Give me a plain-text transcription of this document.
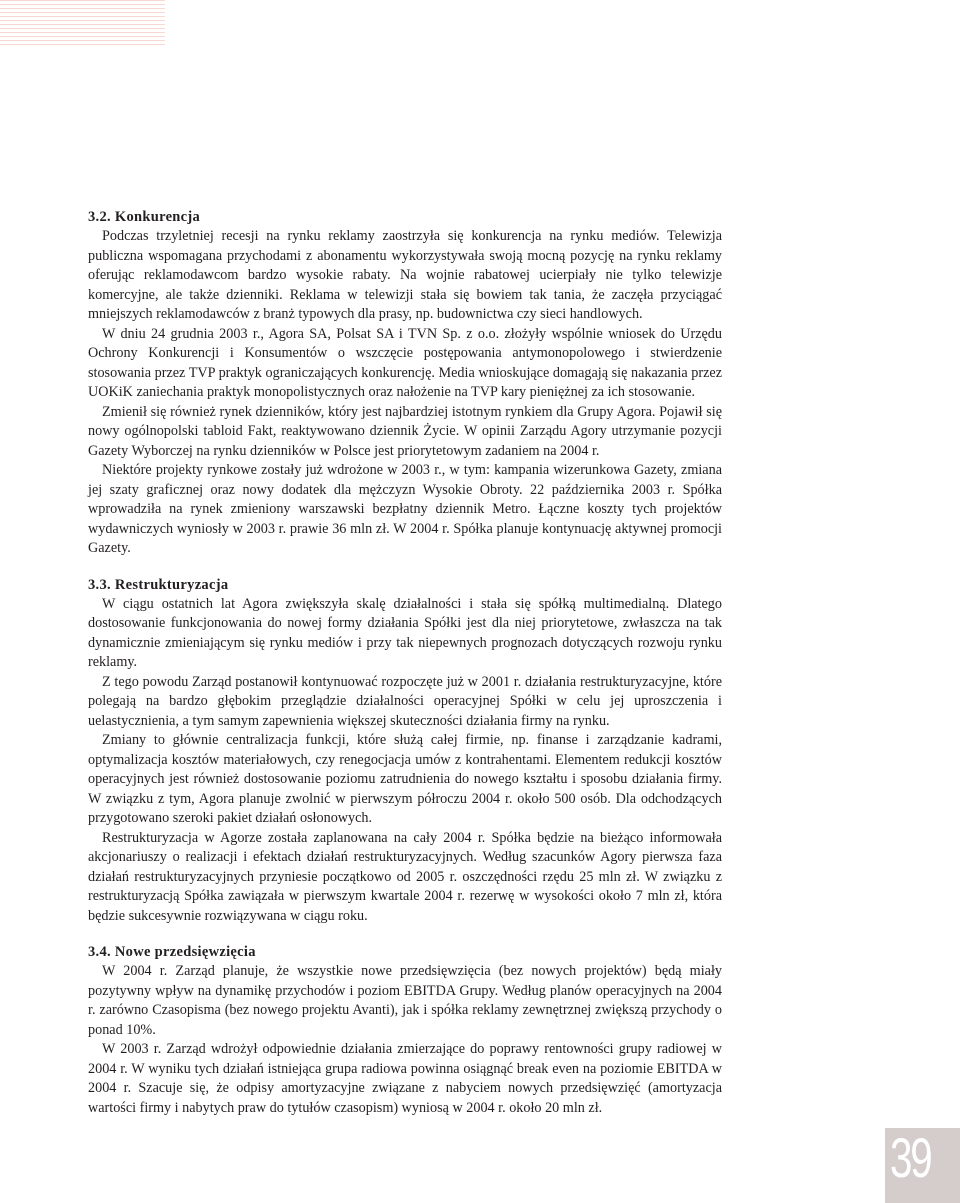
3.2. Konkurencja

Podczas trzyletniej recesji na rynku reklamy zaostrzyła się konkurencja na rynku mediów. Telewizja publiczna wspomagana przychodami z abonamentu wykorzystywała swoją mocną pozycję na rynku reklamy oferując reklamodawcom bardzo wysokie rabaty. Na wojnie rabatowej ucierpiały nie tylko telewizje komercyjne, ale także dzienniki. Reklama w telewizji stała się bowiem tak tania, że zaczęła przyciągać mniejszych reklamodawców z branż typowych dla prasy, np. budownictwa czy sieci handlowych.

W dniu 24 grudnia 2003 r., Agora SA, Polsat SA i TVN Sp. z o.o. złożyły wspólnie wniosek do Urzędu Ochrony Konkurencji i Konsumentów o wszczęcie postępowania antymonopolowego i stwierdzenie stosowania przez TVP praktyk ograniczających konkurencję. Media wnioskujące domagają się nakazania przez UOKiK zaniechania praktyk monopolistycznych oraz nałożenie na TVP kary pieniężnej za ich stosowanie.

Zmienił się również rynek dzienników, który jest najbardziej istotnym rynkiem dla Grupy Agora. Pojawił się nowy ogólnopolski tabloid Fakt, reaktywowano dziennik Życie. W opinii Zarządu Agory utrzymanie pozycji Gazety Wyborczej na rynku dzienników w Polsce jest priorytetowym zadaniem na 2004 r.

Niektóre projekty rynkowe zostały już wdrożone w 2003 r., w tym: kampania wizerunkowa Gazety, zmiana jej szaty graficznej oraz nowy dodatek dla mężczyzn Wysokie Obroty. 22 października 2003 r. Spółka wprowadziła na rynek zmieniony warszawski bezpłatny dziennik Metro. Łączne koszty tych projektów wydawniczych wyniosły w 2003 r. prawie 36 mln zł. W 2004 r. Spółka planuje kontynuację aktywnej promocji Gazety.

3.3. Restrukturyzacja

W ciągu ostatnich lat Agora zwiększyła skalę działalności i stała się spółką multimedialną. Dlatego dostosowanie funkcjonowania do nowej formy działania Spółki jest dla niej priorytetowe, zwłaszcza na tak dynamicznie zmieniającym się rynku mediów i przy tak niepewnych prognozach dotyczących rozwoju rynku reklamy.

Z tego powodu Zarząd postanowił kontynuować rozpoczęte już w 2001 r. działania restrukturyzacyjne, które polegają na bardzo głębokim przeglądzie działalności operacyjnej Spółki w celu jej uproszczenia i uelastycznienia, a tym samym zapewnienia większej skuteczności działania firmy na rynku.

Zmiany to głównie centralizacja funkcji, które służą całej firmie, np. finanse i zarządzanie kadrami, optymalizacja kosztów materiałowych, czy renegocjacja umów z kontrahentami. Elementem redukcji kosztów operacyjnych jest również dostosowanie poziomu zatrudnienia do nowego kształtu i sposobu działania firmy. W związku z tym, Agora planuje zwolnić w pierwszym półroczu 2004 r. około 500 osób. Dla odchodzących przygotowano szeroki pakiet działań osłonowych.

Restrukturyzacja w Agorze została zaplanowana na cały 2004 r. Spółka będzie na bieżąco informowała akcjonariuszy o realizacji i efektach działań restrukturyzacyjnych. Według szacunków Agory pierwsza faza działań restrukturyzacyjnych przyniesie początkowo od 2005 r. oszczędności rzędu 25 mln zł. W związku z restrukturyzacją Spółka zawiązała w pierwszym kwartale 2004 r. rezerwę w wysokości około 7 mln zł, która będzie sukcesywnie rozwiązywana w ciągu roku.

3.4. Nowe przedsięwzięcia

W 2004 r. Zarząd planuje, że wszystkie nowe przedsięwzięcia (bez nowych projektów) będą miały pozytywny wpływ na dynamikę przychodów i poziom EBITDA Grupy. Według planów operacyjnych na 2004 r. zarówno Czasopisma (bez nowego projektu Avanti), jak i spółka reklamy zewnętrznej zwiększą przychody o ponad 10%.

W 2003 r. Zarząd wdrożył odpowiednie działania zmierzające do poprawy rentowności grupy radiowej w 2004 r. W wyniku tych działań istniejąca grupa radiowa powinna osiągnąć break even na poziomie EBITDA w 2004 r. Szacuje się, że odpisy amortyzacyjne związane z nabyciem nowych przedsięwzięć (amortyzacja wartości firmy i nabytych praw do tytułów czasopism) wyniosą w 2004 r. około 20 mln zł.

39
